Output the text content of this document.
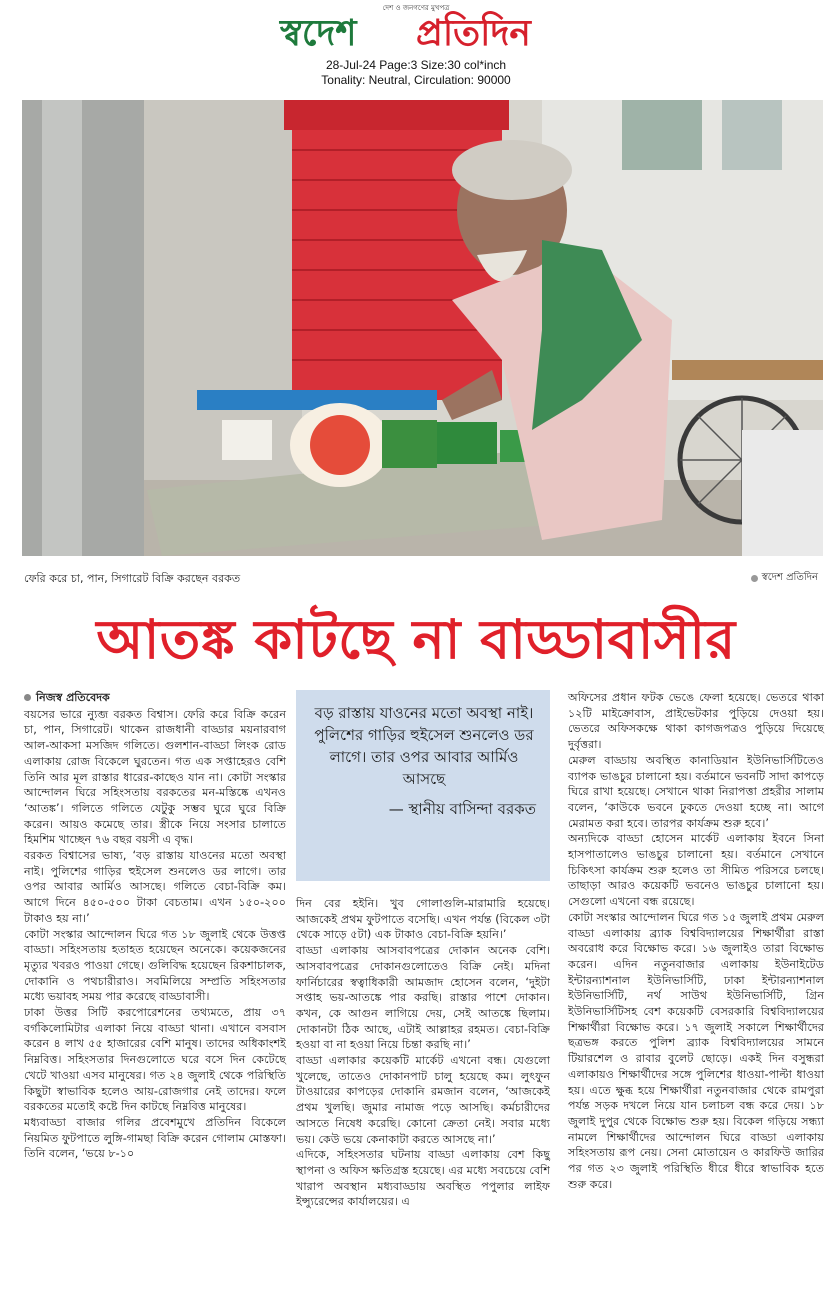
দেশ ও জনগণের মুখপত্র
স্বদেশ প্রতিদিন
28-Jul-24 Page:3 Size:30 col*inch
Tonality: Neutral, Circulation: 90000
ফেরি করে চা, পান, সিগারেট বিক্রি করছেন বরকত	স্বদেশ প্রতিদিন
আতঙ্ক কাটছে না বাড্ডাবাসীর
নিজস্ব প্রতিবেদক

বয়সের ভারে ন্যুব্জ বরকত বিশ্বাস। ফেরি করে বিক্রি করেন চা, পান, সিগারেট। থাকেন রাজধানী বাড্ডার ময়নারবাগ আল-আকসা মসজিদ গলিতে। গুলশান-বাড্ডা লিংক রোড এলাকায় রোজ বিকেলে ঘুরতেন। গত এক সপ্তাহেরও বেশি তিনি আর মূল রাস্তার ধারের-কাছেও যান না। কোটা সংস্কার আন্দোলন ঘিরে সহিংসতায় বরকতের মন-মস্তিষ্কে এখনও ‘আতঙ্ক’। গলিতে গলিতে যেটুকু সম্ভব ঘুরে ঘুরে বিক্রি করেন। আয়ও কমেছে তার। স্ত্রীকে নিয়ে সংসার চালাতে হিমশিম খাচ্ছেন ৭৬ বছর বয়সী এ বৃদ্ধ।

বরকত বিশ্বাসের ভাষ্য, ‘বড় রাস্তায় যাওনের মতো অবস্থা নাই। পুলিশের গাড়ির হুইসেল শুনলেও ডর লাগে। তার ওপর আবার আর্মিও আসছে। গলিতে বেচা-বিক্রি কম। আগে দিনে ৪৫০-৫০০ টাকা বেচতাম। এখন ১৫০-২০০ টাকাও হয় না।’

কোটা সংস্কার আন্দোলন ঘিরে গত ১৮ জুলাই থেকে উত্তপ্ত বাড্ডা। সহিংসতায় হতাহত হয়েছেন অনেকে। কয়েকজনের মৃত্যুর খবরও পাওয়া গেছে। গুলিবিদ্ধ হয়েছেন রিকশাচালক, দোকানি ও পথচারীরাও। সবমিলিয়ে সম্প্রতি সহিংসতার মধ্যে ভয়াবহ সময় পার করেছে বাড্ডাবাসী।

ঢাকা উত্তর সিটি করপোরেশনের তথ্যমতে, প্রায় ৩৭ বর্গকিলোমিটার এলাকা নিয়ে বাড্ডা থানা। এখানে বসবাস করেন ৪ লাখ ৫৫ হাজারের বেশি মানুষ। তাদের অধিকাংশই নিম্নবিত্ত। সহিংসতার দিনগুলোতে ঘরে বসে দিন কেটেছে খেটে খাওয়া এসব মানুষের। গত ২৪ জুলাই থেকে পরিস্থিতি কিছুটা স্বাভাবিক হলেও আয়-রোজগার নেই তাদের। ফলে বরকতের মতোই কষ্টে দিন কাটছে নিম্নবিত্ত মানুষের।

মধ্যবাড্ডা বাজার গলির প্রবেশমুখে প্রতিদিন বিকেলে নিয়মিত ফুটপাতে লুঙ্গি-গামছা বিক্রি করেন গোলাম মোস্তফা। তিনি বলেন, ‘ভয়ে ৮-১০

বড় রাস্তায় যাওনের মতো অবস্থা নাই। পুলিশের গাড়ির হুইসেল শুনলেও ডর লাগে। তার ওপর আবার আর্মিও আসছে
— স্থানীয় বাসিন্দা বরকত

দিন বের হইনি। খুব গোলাগুলি-মারামারি হয়েছে। আজকেই প্রথম ফুটপাতে বসেছি। এখন পর্যন্ত (বিকেল ৩টা থেকে সাড়ে ৫টা) এক টাকাও বেচা-বিক্রি হয়নি।’

বাড্ডা এলাকায় আসবাবপত্রের দোকান অনেক বেশি। আসবাবপত্রের দোকানগুলোতেও বিক্রি নেই। মদিনা ফার্নিচারের স্বত্বাধিকারী আমজাদ হোসেন বলেন, ‘দুইটা সপ্তাহ ভয়-আতঙ্কে পার করছি। রাস্তার পাশে দোকান। কখন, কে আগুন লাগিয়ে দেয়, সেই আতঙ্কে ছিলাম। দোকানটা ঠিক আছে, এটাই আল্লাহর রহমত। বেচা-বিক্রি হওয়া বা না হওয়া নিয়ে চিন্তা করছি না।’

বাড্ডা এলাকার কয়েকটি মার্কেট এখনো বন্ধ। যেগুলো খুলেছে, তাতেও দোকানপাট চালু হয়েছে কম। লুৎফুন টাওয়ারের কাপড়ের দোকানি রমজান বলেন, ‘আজকেই প্রথম খুলছি। জুমার নামাজ পড়ে আসছি। কর্মচারীদের আসতে নিষেধ করেছি। কোনো ক্রেতা নেই। সবার মধ্যে ভয়। কেউ ভয়ে কেনাকাটা করতে আসছে না।’

এদিকে, সহিংসতার ঘটনায় বাড্ডা এলাকায় বেশ কিছু স্থাপনা ও অফিস ক্ষতিগ্রস্ত হয়েছে। এর মধ্যে সবচেয়ে বেশি খারাপ অবস্থান মধ্যবাড্ডায় অবস্থিত পপুলার লাইফ ইন্স্যুরেন্সের কার্যালয়ের। এ

অফিসের প্রধান ফটক ভেঙে ফেলা হয়েছে। ভেতরে থাকা ১২টি মাইক্রোবাস, প্রাইভেটকার পুড়িয়ে দেওয়া হয়। ভেতরে অফিসকক্ষে থাকা কাগজপত্রও পুড়িয়ে দিয়েছে দুর্বৃত্তরা।

মেরুল বাড্ডায় অবস্থিত কানাডিয়ান ইউনিভার্সিটিতেও ব্যাপক ভাঙচুর চালানো হয়। বর্তমানে ভবনটি সাদা কাপড়ে ঘিরে রাখা হয়েছে। সেখানে থাকা নিরাপত্তা প্রহরীর সালাম বলেন, ‘কাউকে ভবনে ঢুকতে দেওয়া হচ্ছে না। আগে মেরামত করা হবে। তারপর কার্যক্রম শুরু হবে।’

অন্যদিকে বাড্ডা হোসেন মার্কেট এলাকায় ইবনে সিনা হাসপাতালেও ভাঙচুর চালানো হয়। বর্তমানে সেখানে চিকিৎসা কার্যক্রম শুরু হলেও তা সীমিত পরিসরে চলছে। তাছাড়া আরও কয়েকটি ভবনেও ভাঙচুর চালানো হয়। সেগুলো এখনো বন্ধ রয়েছে।

কোটা সংস্কার আন্দোলন ঘিরে গত ১৫ জুলাই প্রথম মেরুল বাড্ডা এলাকায় ব্র্যাক বিশ্ববিদ্যালয়ের শিক্ষার্থীরা রাস্তা অবরোধ করে বিক্ষোভ করে। ১৬ জুলাইও তারা বিক্ষোভ করেন। এদিন নতুনবাজার এলাকায় ইউনাইটেড ইন্টারন্যাশনাল ইউনিভার্সিটি, ঢাকা ইন্টারন্যাশনাল ইউনিভার্সিটি, নর্থ সাউথ ইউনিভার্সিটি, গ্রিন ইউনিভার্সিটিসহ বেশ কয়েকটি বেসরকারি বিশ্ববিদ্যালয়ের শিক্ষার্থীরা বিক্ষোভ করে। ১৭ জুলাই সকালে শিক্ষার্থীদের ছত্রভঙ্গ করতে পুলিশ ব্র্যাক বিশ্ববিদ্যালয়ের সামনে টিয়ারশেল ও রাবার বুলেট ছোড়ে। একই দিন বসুন্ধরা এলাকায়ও শিক্ষার্থীদের সঙ্গে পুলিশের ধাওয়া-পাল্টা ধাওয়া হয়। এতে ক্ষুব্ধ হয়ে শিক্ষার্থীরা নতুনবাজার থেকে রামপুরা পর্যন্ত সড়ক দখলে নিয়ে যান চলাচল বন্ধ করে দেয়। ১৮ জুলাই দুপুর থেকে বিক্ষোভ শুরু হয়। বিকেল গড়িয়ে সন্ধ্যা নামলে শিক্ষার্থীদের আন্দোলন ঘিরে বাড্ডা এলাকায় সহিংসতায় রূপ নেয়। সেনা মোতায়েন ও কারফিউ জারির পর গত ২৩ জুলাই পরিস্থিতি ধীরে ধীরে স্বাভাবিক হতে শুরু করে।
